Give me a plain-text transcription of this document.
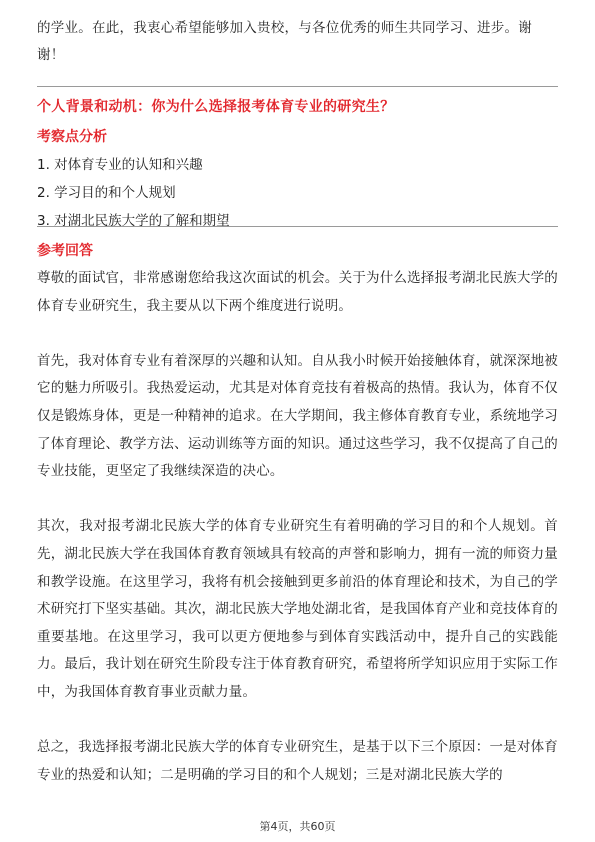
的学业。在此，我衷心希望能够加入贵校，与各位优秀的师生共同学习、进步。谢谢！

个人背景和动机：你为什么选择报考体育专业的研究生？
考察点分析
1. 对体育专业的认知和兴趣
2. 学习目的和个人规划
3. 对湖北民族大学的了解和期望
参考回答

尊敬的面试官，非常感谢您给我这次面试的机会。关于为什么选择报考湖北民族大学的体育专业研究生，我主要从以下两个维度进行说明。

首先，我对体育专业有着深厚的兴趣和认知。自从我小时候开始接触体育，就深深地被它的魅力所吸引。我热爱运动，尤其是对体育竞技有着极高的热情。我认为，体育不仅仅是锻炼身体，更是一种精神的追求。在大学期间，我主修体育教育专业，系统地学习了体育理论、教学方法、运动训练等方面的知识。通过这些学习，我不仅提高了自己的专业技能，更坚定了我继续深造的决心。

其次，我对报考湖北民族大学的体育专业研究生有着明确的学习目的和个人规划。首先，湖北民族大学在我国体育教育领域具有较高的声誉和影响力，拥有一流的师资力量和教学设施。在这里学习，我将有机会接触到更多前沿的体育理论和技术，为自己的学术研究打下坚实基础。其次，湖北民族大学地处湖北省，是我国体育产业和竞技体育的重要基地。在这里学习，我可以更方便地参与到体育实践活动中，提升自己的实践能力。最后，我计划在研究生阶段专注于体育教育研究，希望将所学知识应用于实际工作中，为我国体育教育事业贡献力量。

总之，我选择报考湖北民族大学的体育专业研究生，是基于以下三个原因：一是对体育专业的热爱和认知；二是明确的学习目的和个人规划；三是对湖北民族大学的

第4页，共60页
